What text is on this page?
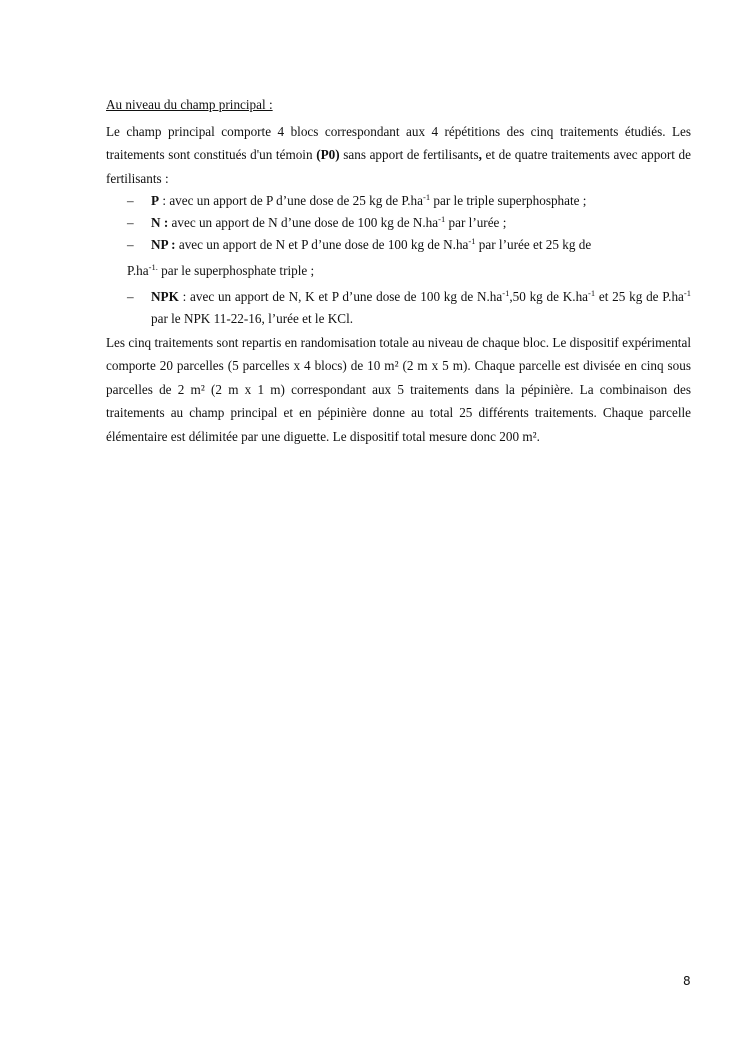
Au niveau du champ principal :

Le champ principal comporte 4 blocs correspondant aux 4 répétitions des cinq traitements étudiés. Les traitements sont constitués d'un témoin (P0) sans apport de fertilisants, et de quatre traitements avec apport de fertilisants :

– P : avec un apport de P d’une dose de 25 kg de $P.ha^{-1}$ par le triple superphosphate ;
– N : avec un apport de N d’une dose de 100 kg de $N.ha^{-1}$ par l’urée ;
– NP : avec un apport de N et P d’une dose de 100 kg de $N.ha^{-1}$ par l’urée et 25 kg de

$P.ha^{-1.}$ par le superphosphate triple ;

– NPK : avec un apport de N, K et P d’une dose de 100 kg de $N.ha^{-1},50$ kg de $K.ha^{-1}$ et 25 kg de $P.ha^{-1}$ par le NPK 11-22-16, l’urée et le KCl.

Les cinq traitements sont repartis en randomisation totale au niveau de chaque bloc. Le dispositif expérimental comporte 20 parcelles (5 parcelles x 4 blocs) de 10 m² (2 m x 5 m). Chaque parcelle est divisée en cinq sous parcelles de 2 m² (2 m x 1 m) correspondant aux 5 traitements dans la pépinière. La combinaison des traitements au champ principal et en pépinière donne au total 25 différents traitements. Chaque parcelle élémentaire est délimitée par une diguette. Le dispositif total mesure donc 200 m².

8
